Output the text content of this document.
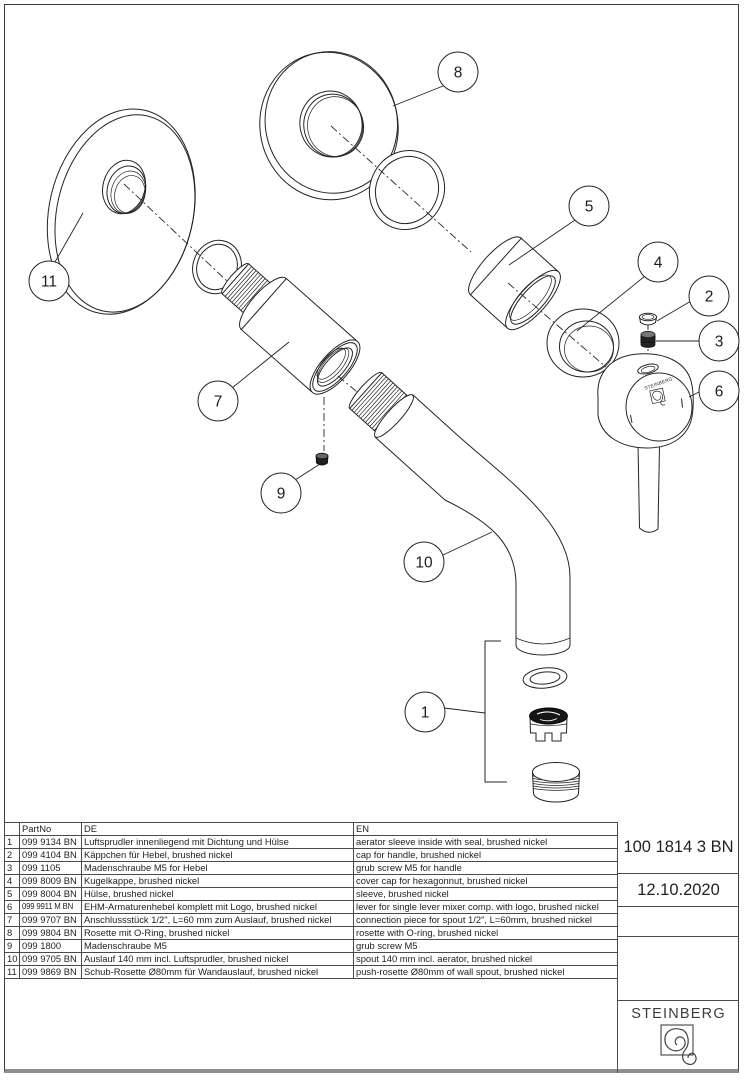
STEINBERG
1
2
3
4
5
6
7
8
9
10
11
	PartNo	DE	EN
1	099 9134 BN	Luftsprudler innenliegend mit Dichtung und Hülse	aerator sleeve inside with seal, brushed nickel
2	099 4104 BN	Käppchen für Hebel, brushed nickel	cap for handle, brushed nickel
3	099 1105	Madenschraube M5 for Hebel	grub screw M5 for handle
4	099 8009 BN	Kugelkappe, brushed nickel	cover cap for hexagonnut, brushed nickel
5	099 8004 BN	Hülse, brushed nickel	sleeve, brushed nickel
6	099 9911 M BN	EHM-Armaturenhebel komplett mit Logo, brushed nickel	lever for single lever mixer comp. with logo, brushed nickel
7	099 9707 BN	Anschlussstück 1/2", L=60 mm zum Auslauf, brushed nickel	connection piece for spout 1/2", L=60mm, brushed nickel
8	099 9804 BN	Rosette mit O-Ring, brushed nickel	rosette with O-ring, brushed nickel
9	099 1800	Madenschraube M5	grub screw M5
10	099 9705 BN	Auslauf 140 mm incl. Luftsprudler, brushed nickel	spout 140 mm incl. aerator, brushed nickel
11	099 9869 BN	Schub-Rosette Ø80mm für Wandauslauf, brushed nickel	push-rosette Ø80mm of wall spout, brushed nickel
100 1814 3 BN
12.10.2020
STEINBERG
